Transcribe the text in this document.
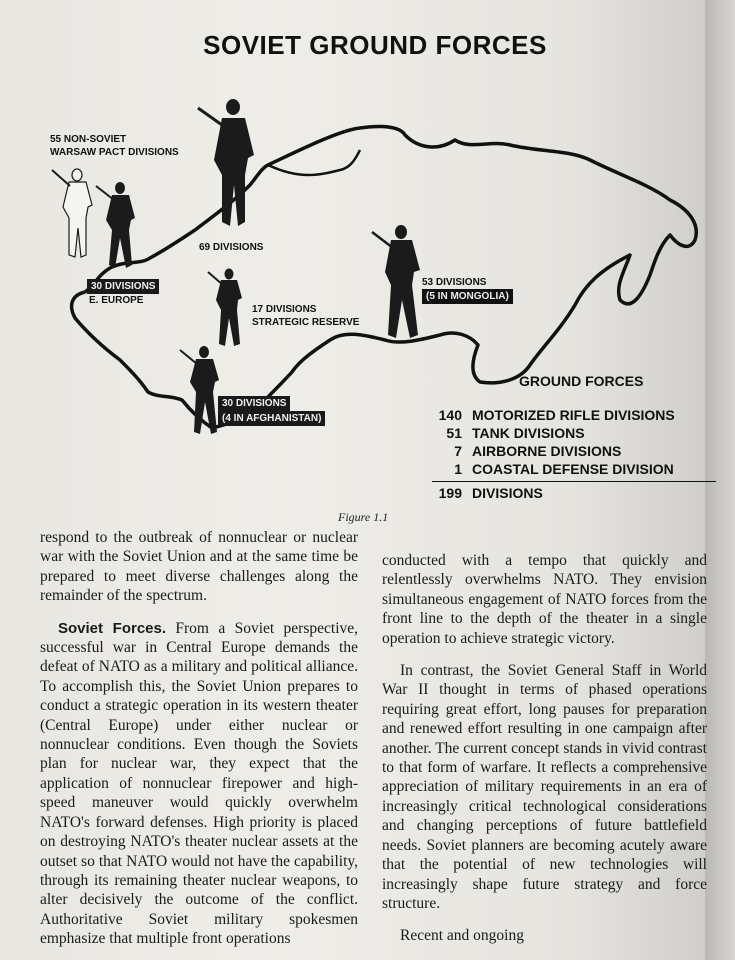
SOVIET GROUND FORCES
55 NON-SOVIET
WARSAW PACT DIVISIONS
69 DIVISIONS
30 DIVISIONS
E. EUROPE
17 DIVISIONS
STRATEGIC RESERVE
53 DIVISIONS
(5 IN MONGOLIA)
30 DIVISIONS
(4 IN AFGHANISTAN)
GROUND FORCES
140 MOTORIZED RIFLE DIVISIONS
51 TANK DIVISIONS
7 AIRBORNE DIVISIONS
1 COASTAL DEFENSE DIVISION
199 DIVISIONS
Figure 1.1

respond to the outbreak of nonnuclear or nuclear war with the Soviet Union and at the same time be prepared to meet diverse challenges along the remainder of the spectrum.

Soviet Forces. From a Soviet perspective, successful war in Central Europe demands the defeat of NATO as a military and political alliance. To accomplish this, the Soviet Union prepares to conduct a strategic operation in its western theater (Central Europe) under either nuclear or nonnuclear conditions. Even though the Soviets plan for nuclear war, they expect that the application of nonnuclear firepower and high-speed maneuver would quickly overwhelm NATO's forward defenses. High priority is placed on destroying NATO's theater nuclear assets at the outset so that NATO would not have the capability, through its remaining theater nuclear weapons, to alter decisively the outcome of the conflict. Authoritative Soviet military spokesmen emphasize that multiple front operations

conducted with a tempo that quickly and relentlessly overwhelms NATO. They envision simultaneous engagement of NATO forces from the front line to the depth of the theater in a single operation to achieve strategic victory.

In contrast, the Soviet General Staff in World War II thought in terms of phased operations requiring great effort, long pauses for preparation and renewed effort resulting in one campaign after another. The current concept stands in vivid contrast to that form of warfare. It reflects a comprehensive appreciation of military requirements in an era of increasingly critical technological considerations and changing perceptions of future battlefield needs. Soviet planners are becoming acutely aware that the potential of new technologies will increasingly shape future strategy and force structure.

Recent and ongoing
